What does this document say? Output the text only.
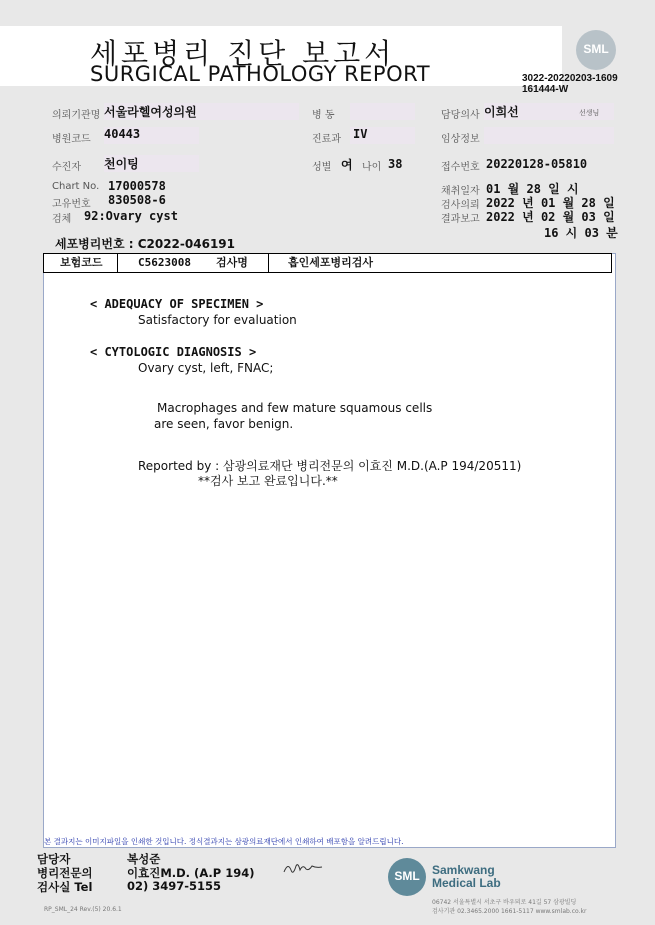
세포병리 진단 보고서
SURGICAL PATHOLOGY REPORT
SML
3022-20220203-1609
161444-W
의뢰기관명 서울라헬여성의원	병 동	담당의사 이희선	선생님
병원코드 40443	진료과 IV	임상정보
수진자 천이팅	성별 여 나이 38	접수번호 20220128-05810
Chart No. 17000578
고유번호 830508-6
검체 92:Ovary cyst
채취일자 01 월 28 일 시
검사의뢰 2022 년 01 월 28 일
결과보고 2022 년 02 월 03 일
16 시 03 분
세포병리번호 : C2022-046191
보험코드	C5623008 검사명	흡인세포병리검사
< ADEQUACY OF SPECIMEN >
Satisfactory for evaluation
< CYTOLOGIC DIAGNOSIS >
Ovary cyst, left, FNAC;
Macrophages and few mature squamous cells
are seen, favor benign.
Reported by : 삼광의료재단 병리전문의 이효진 M.D.(A.P 194/20511)
**검사 보고 완료입니다.**
본 결과지는 이미지파일을 인쇄한 것입니다. 정식결과지는 삼광의료재단에서 인쇄하여 배포함을 알려드립니다.
담당자	복성준
병리전문의	이효진M.D. (A.P 194)
검사실 Tel	02) 3497-5155
RP_SML_24 Rev.(5) 20.6.1
SML	Samkwang
Medical Lab
06742 서울특별시 서초구 바우뫼로 41길 57 삼광빌딩
검사기관 02.3465.2000 1661-5117 www.smlab.co.kr
